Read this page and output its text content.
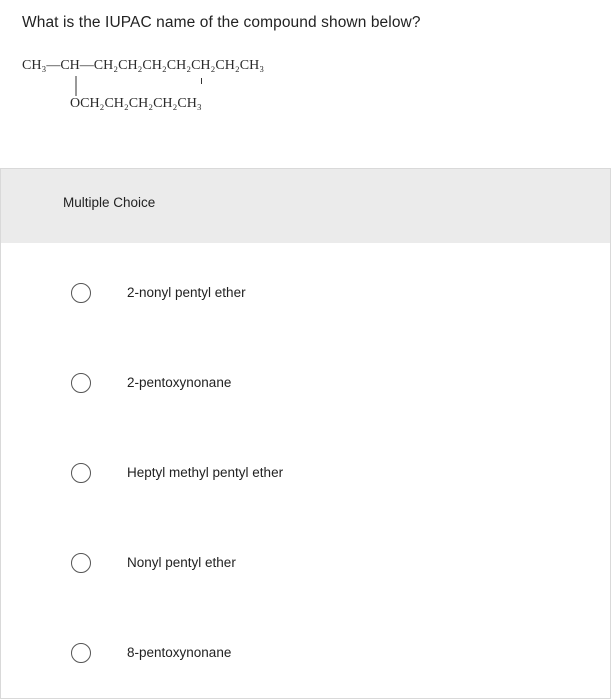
What is the IUPAC name of the compound shown below?
CH₃—CH—CH₂CH₂CH₂CH₂CH₂CH₂CH₃
OCH₂CH₂CH₂CH₂CH₃
Multiple Choice
2-nonyl pentyl ether
2-pentoxynonane
Heptyl methyl pentyl ether
Nonyl pentyl ether
8-pentoxynonane
